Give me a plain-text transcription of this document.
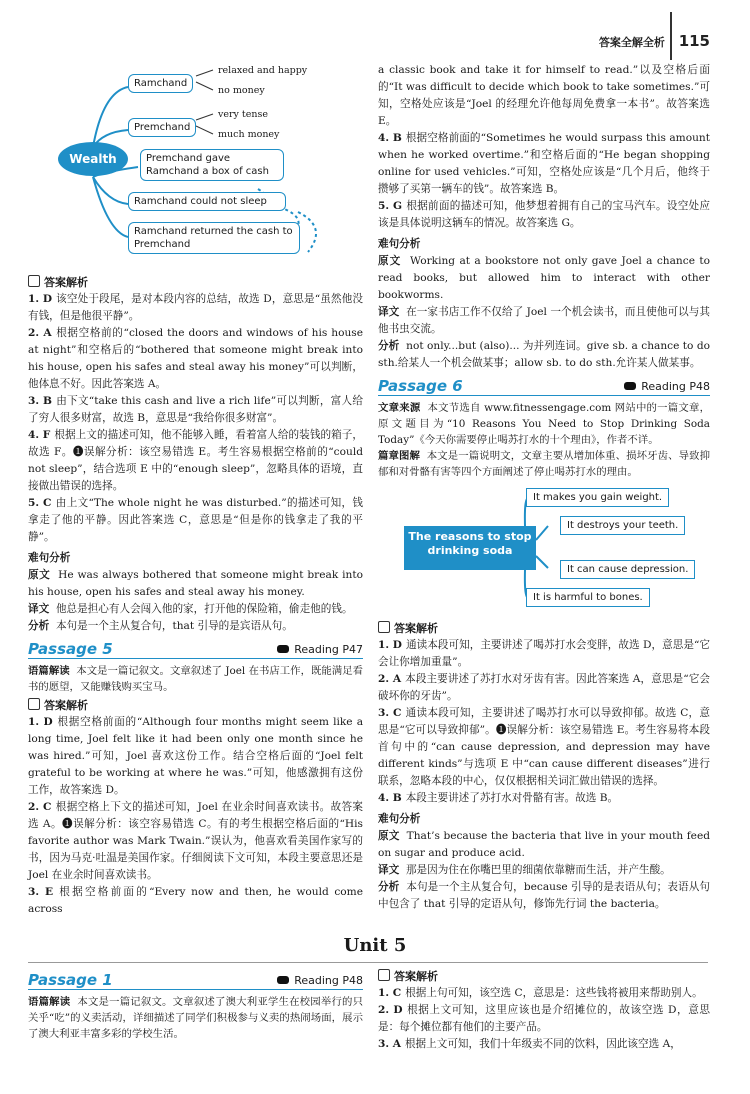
答案全解全析 115
Wealth
Ramchand
Premchand
Premchand gave Ramchand a box of cash
Ramchand could not sleep
Ramchand returned the cash to Premchand
relaxed and happy
no money
very tense
much money
答案解析

1. D 该空处于段尾，是对本段内容的总结，故选 D，意思是“虽然他没有钱，但是他很平静”。

2. A 根据空格前的“closed the doors and windows of his house at night”和空格后的“bothered that someone might break into his house, open his safes and steal away his money”可以判断，他体息不好。因此答案选 A。

3. B 由下文“take this cash and live a rich life”可以判断，富人给了穷人很多财富，故选 B，意思是“我给你很多财富”。

4. F 根据上文的描述可知，他不能够入睡，看着富人给的装钱的箱子，故选 F。❶误解分析：该空易错选 E。考生容易根据空格前的“could not sleep”，结合选项 E 中的“enough sleep”，忽略具体的语境，直接做出错误的选择。

5. C 由上文“The whole night he was disturbed.”的描述可知，钱拿走了他的平静。因此答案选 C，意思是“但是你的钱拿走了我的平静”。

难句分析

原文 He was always bothered that someone might break into his house, open his safes and steal away his money.

译文 他总是担心有人会闯入他的家，打开他的保险箱，偷走他的钱。

分析 本句是一个主从复合句，that 引导的是宾语从句。

Passage 5	Reading P47

语篇解读 本文是一篇记叙文。文章叙述了 Joel 在书店工作，既能满足看书的愿望，又能赚钱购买宝马。

答案解析

1. D 根据空格前面的“Although four months might seem like a long time, Joel felt like it had been only one month since he was hired.”可知，Joel 喜欢这份工作。结合空格后面的“Joel felt grateful to be working at where he was.”可知，他感激拥有这份工作，故答案选 D。

2. C 根据空格上下文的描述可知，Joel 在业余时间喜欢读书。故答案选 A。❶误解分析：该空容易错选 C。有的考生根据空格后面的“His favorite author was Mark Twain.”误认为，他喜欢看美国作家写的书，因为马克·吐温是美国作家。仔细阅读下文可知，本段主要意思还是 Joel 在业余时间喜欢读书。

3. E 根据空格前面的“Every now and then, he would come across

a classic book and take it for himself to read.”以及空格后面的“It was difficult to decide which book to take sometimes.”可知，空格处应该是“Joel 的经理允许他每周免费拿一本书”。故答案选 E。

4. B 根据空格前面的“Sometimes he would surpass this amount when he worked overtime.”和空格后面的“He began shopping online for used vehicles.”可知，空格处应该是“几个月后，他终于攒够了买第一辆车的钱”。故答案选 B。

5. G 根据前面的描述可知，他梦想着拥有自己的宝马汽车。设空处应该是具体说明这辆车的情况。故答案选 G。

难句分析

原文 Working at a bookstore not only gave Joel a chance to read books, but allowed him to interact with other bookworms.

译文 在一家书店工作不仅给了 Joel 一个机会读书，而且使他可以与其他书虫交流。

分析 not only...but (also)... 为并列连词。give sb. a chance to do sth.给某人一个机会做某事；allow sb. to do sth.允许某人做某事。

Passage 6	Reading P48

文章来源 本文节选自 www.fitnessengage.com 网站中的一篇文章，原文题目为“10 Reasons You Need to Stop Drinking Soda Today”《今天你需要停止喝苏打水的十个理由》，作者不详。

篇章图解 本文是一篇说明文，文章主要从增加体重、损坏牙齿、导致抑郁和对骨骼有害等四个方面阐述了停止喝苏打水的理由。

The reasons to stop drinking soda
It makes you gain weight.
It destroys your teeth.
It can cause depression.
It is harmful to bones.
答案解析

1. D 通读本段可知，主要讲述了喝苏打水会变胖，故选 D，意思是“它会让你增加重量”。

2. A 本段主要讲述了苏打水对牙齿有害。因此答案选 A，意思是“它会破坏你的牙齿”。

3. C 通读本段可知，主要讲述了喝苏打水可以导致抑郁。故选 C，意思是“它可以导致抑郁”。❶误解分析：该空易错选 E。考生容易将本段首句中的“can cause depression, and depression may have different kinds”与选项 E 中“can cause different diseases”进行联系，忽略本段的中心，仅仅根据相关词汇做出错误的选择。

4. B 本段主要讲述了苏打水对骨骼有害。故选 B。

难句分析

原文 That’s because the bacteria that live in your mouth feed on sugar and produce acid.

译文 那是因为住在你嘴巴里的细菌依靠糖而生活，并产生酸。

分析 本句是一个主从复合句，because 引导的是表语从句；表语从句中包含了 that 引导的定语从句，修饰先行词 the bacteria。

Unit 5
Passage 1	Reading P48

语篇解读 本文是一篇记叙文。文章叙述了澳大利亚学生在校园举行的只关乎“吃”的义卖活动，详细描述了同学们积极参与义卖的热闹场面，展示了澳大利亚丰富多彩的学校生活。

答案解析

1. C 根据上句可知，该空选 C，意思是：这些钱将被用来帮助别人。

2. D 根据上文可知，这里应该也是介绍摊位的，故该空选 D，意思是：每个摊位都有他们的主要产品。

3. A 根据上文可知，我们十年级卖不同的饮料，因此该空选 A，
